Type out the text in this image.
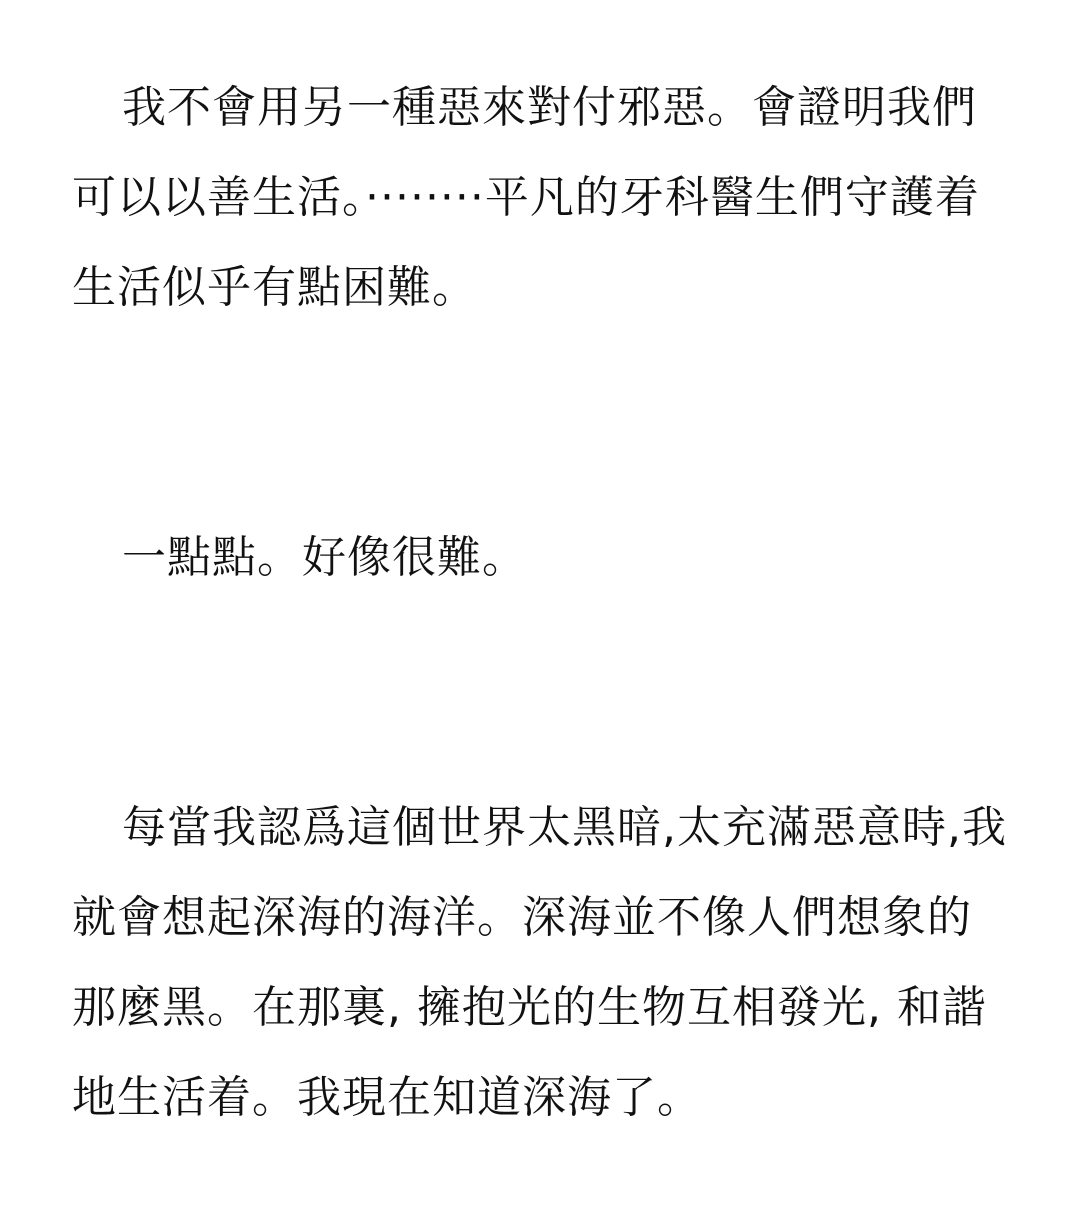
我不會用另一種惡來對付邪惡。會證明我們可以以善生活。········平凡的牙科醫生們守護着生活似乎有點困難。

一點點。好像很難。

每當我認爲這個世界太黑暗,太充滿惡意時,我就會想起深海的海洋。深海並不像人們想象的那麼黑。在那裏, 擁抱光的生物互相發光, 和諧地生活着。我現在知道深海了。
